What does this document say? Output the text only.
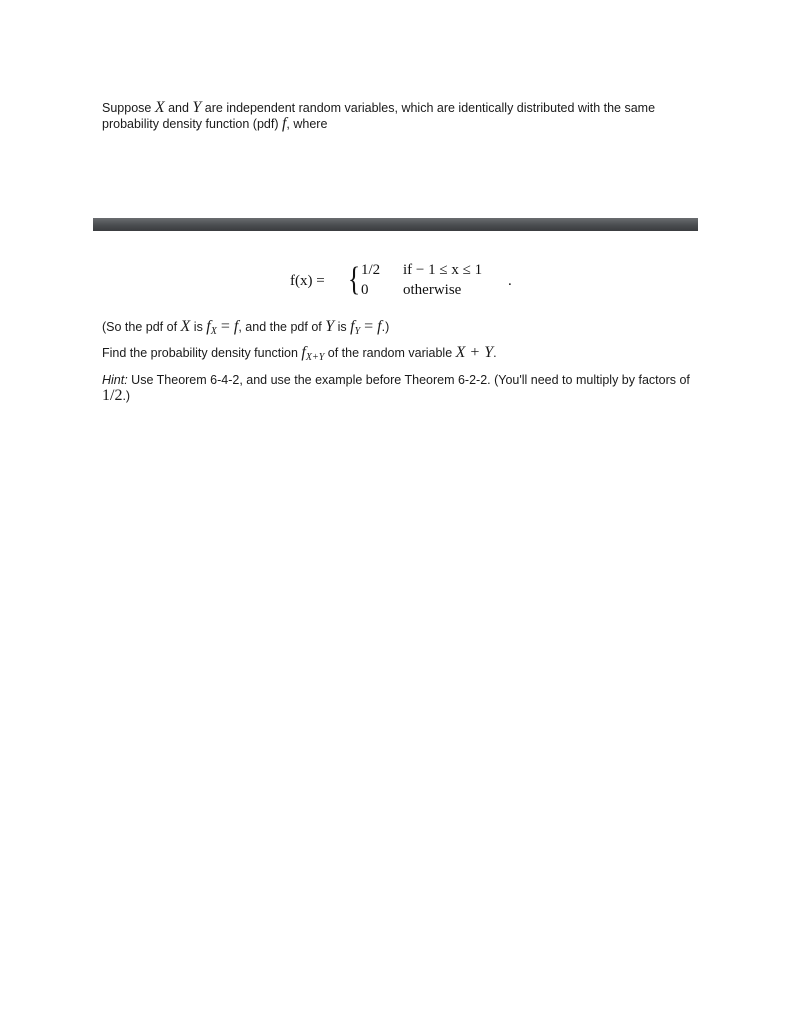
Suppose X and Y are independent random variables, which are identically distributed with the same probability density function (pdf) f, where

f(x) = { 1/2 if − 1 ≤ x ≤ 1
0 otherwise
.

(So the pdf of X is $f_X = f$, and the pdf of Y is $f_Y = f$.)

Find the probability density function $f_{X+Y}$ of the random variable X + Y.

Hint: Use Theorem 6-4-2, and use the example before Theorem 6-2-2. (You'll need to multiply by factors of 1/2.)
